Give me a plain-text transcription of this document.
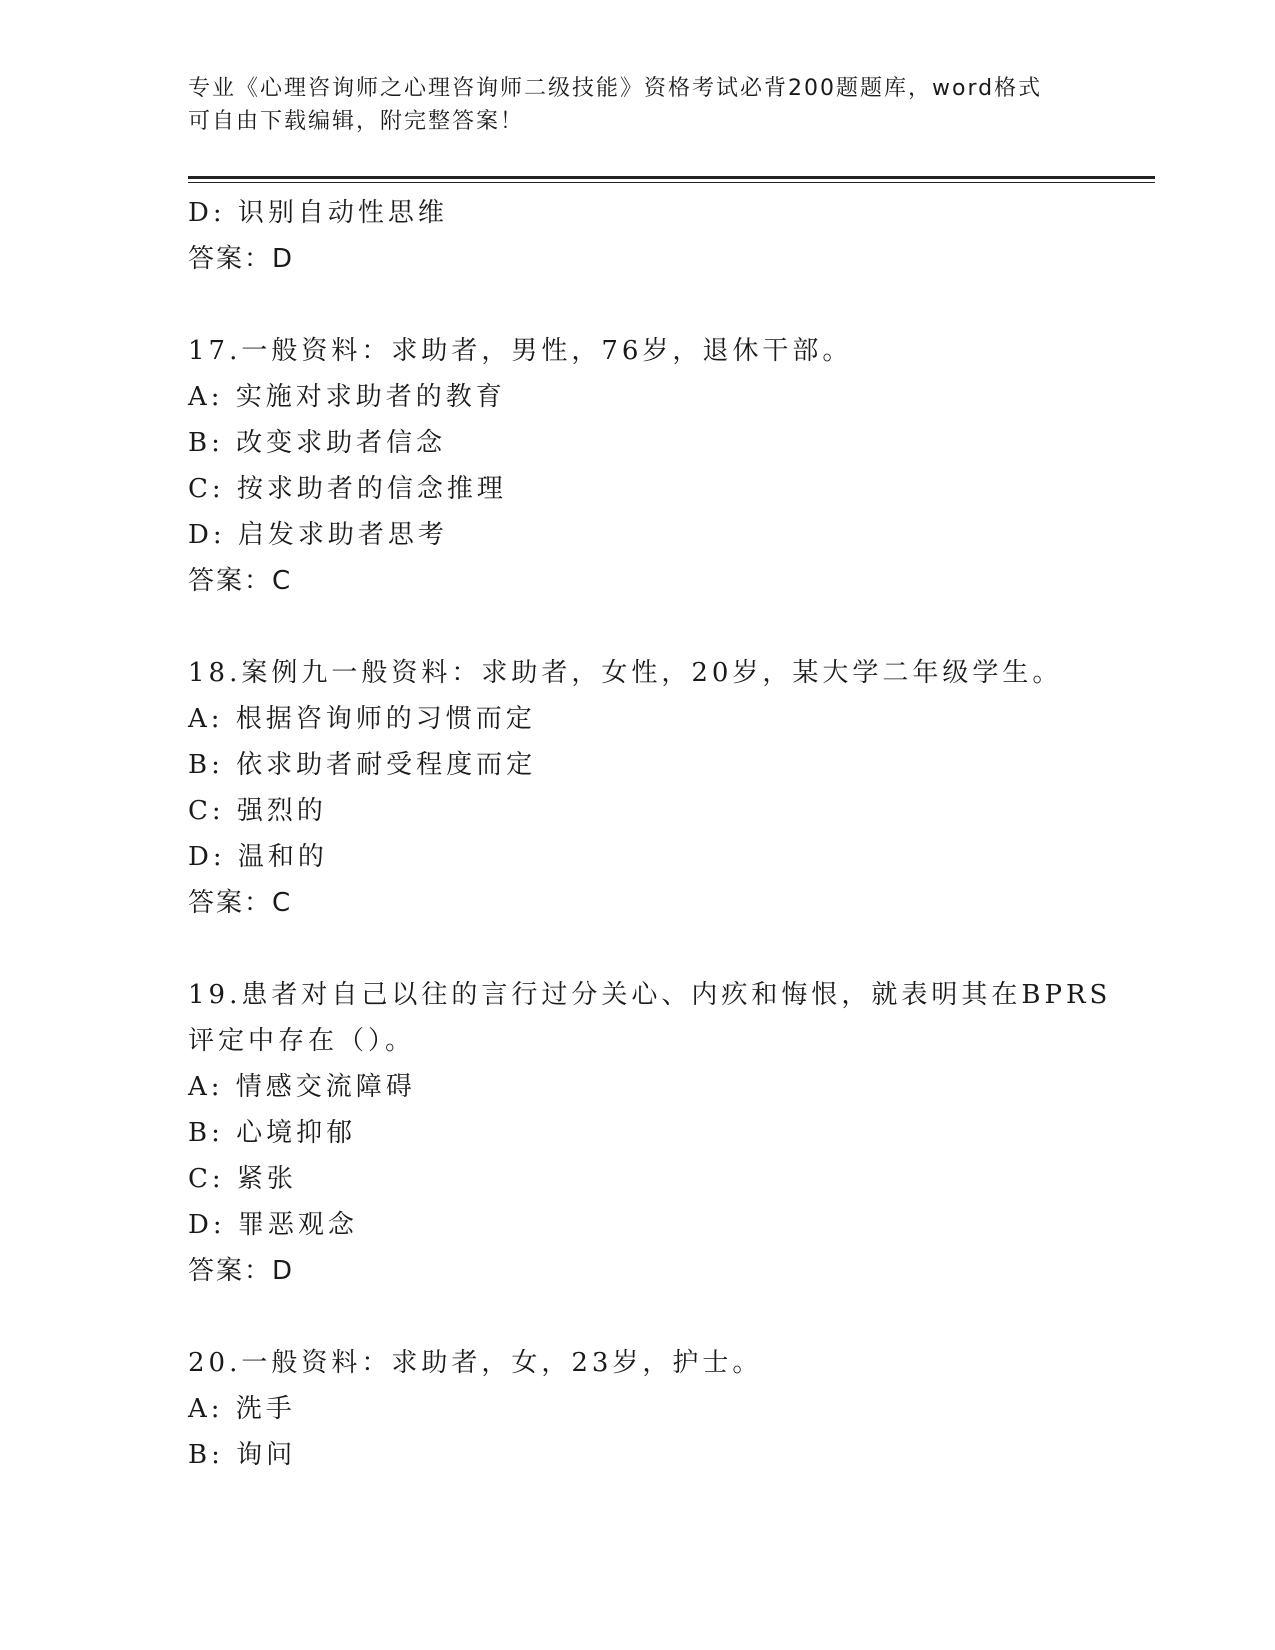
专业《心理咨询师之心理咨询师二级技能》资格考试必背200题题库，word格式
可自由下载编辑，附完整答案！
D: 识别自动性思维
答案：D
17.一般资料：求助者，男性，76岁，退休干部。
A: 实施对求助者的教育
B: 改变求助者信念
C: 按求助者的信念推理
D: 启发求助者思考
答案：C
18.案例九一般资料：求助者，女性，20岁，某大学二年级学生。
A: 根据咨询师的习惯而定
B: 依求助者耐受程度而定
C: 强烈的
D: 温和的
答案：C
19.患者对自己以往的言行过分关心、内疚和悔恨，就表明其在BPRS
评定中存在（）。
A: 情感交流障碍
B: 心境抑郁
C: 紧张
D: 罪恶观念
答案：D
20.一般资料：求助者，女，23岁，护士。
A: 洗手
B: 询问
